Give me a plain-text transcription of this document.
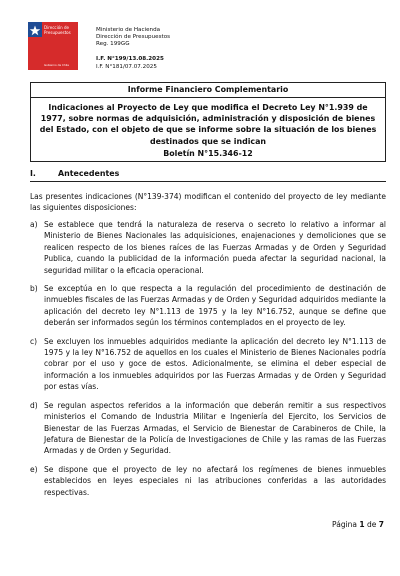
Dirección de
Presupuestos
Gobierno de Chile
Ministerio de Hacienda
Dirección de Presupuestos
Reg. 199GG
I.F. N°199/13.08.2025
I.F. N°181/07.07.2025
Informe Financiero Complementario
Indicaciones al Proyecto de Ley que modifica el Decreto Ley N°1.939 de 1977, sobre normas de adquisición, administración y disposición de bienes del Estado, con el objeto de que se informe sobre la situación de los bienes destinados que se indican
Boletín N°15.346-12
I.	Antecedentes
Las presentes indicaciones (N°139-374) modifican el contenido del proyecto de ley mediante las siguientes disposiciones:
a) Se establece que tendrá la naturaleza de reserva o secreto lo relativo a informar al Ministerio de Bienes Nacionales las adquisiciones, enajenaciones y demoliciones que se realicen respecto de los bienes raíces de las Fuerzas Armadas y de Orden y Seguridad Publica, cuando la publicidad de la información pueda afectar la seguridad nacional, la seguridad militar o la eficacia operacional.
b) Se exceptúa en lo que respecta a la regulación del procedimiento de destinación de inmuebles fiscales de las Fuerzas Armadas y de Orden y Seguridad adquiridos mediante la aplicación del decreto ley N°1.113 de 1975 y la ley N°16.752, aunque se define que deberán ser informados según los términos contemplados en el proyecto de ley.
c) Se excluyen los inmuebles adquiridos mediante la aplicación del decreto ley N°1.113 de 1975 y la ley N°16.752 de aquellos en los cuales el Ministerio de Bienes Nacionales podría cobrar por el uso y goce de estos. Adicionalmente, se elimina el deber especial de información a los inmuebles adquiridos por las Fuerzas Armadas y de Orden y Seguridad por estas vías.
d) Se regulan aspectos referidos a la información que deberán remitir a sus respectivos ministerios el Comando de Industria Militar e Ingeniería del Ejercito, los Servicios de Bienestar de las Fuerzas Armadas, el Servicio de Bienestar de Carabineros de Chile, la Jefatura de Bienestar de la Policía de Investigaciones de Chile y las ramas de las Fuerzas Armadas y de Orden y Seguridad.
e) Se dispone que el proyecto de ley no afectará los regímenes de bienes inmuebles establecidos en leyes especiales ni las atribuciones conferidas a las autoridades respectivas.
Página 1 de 7
